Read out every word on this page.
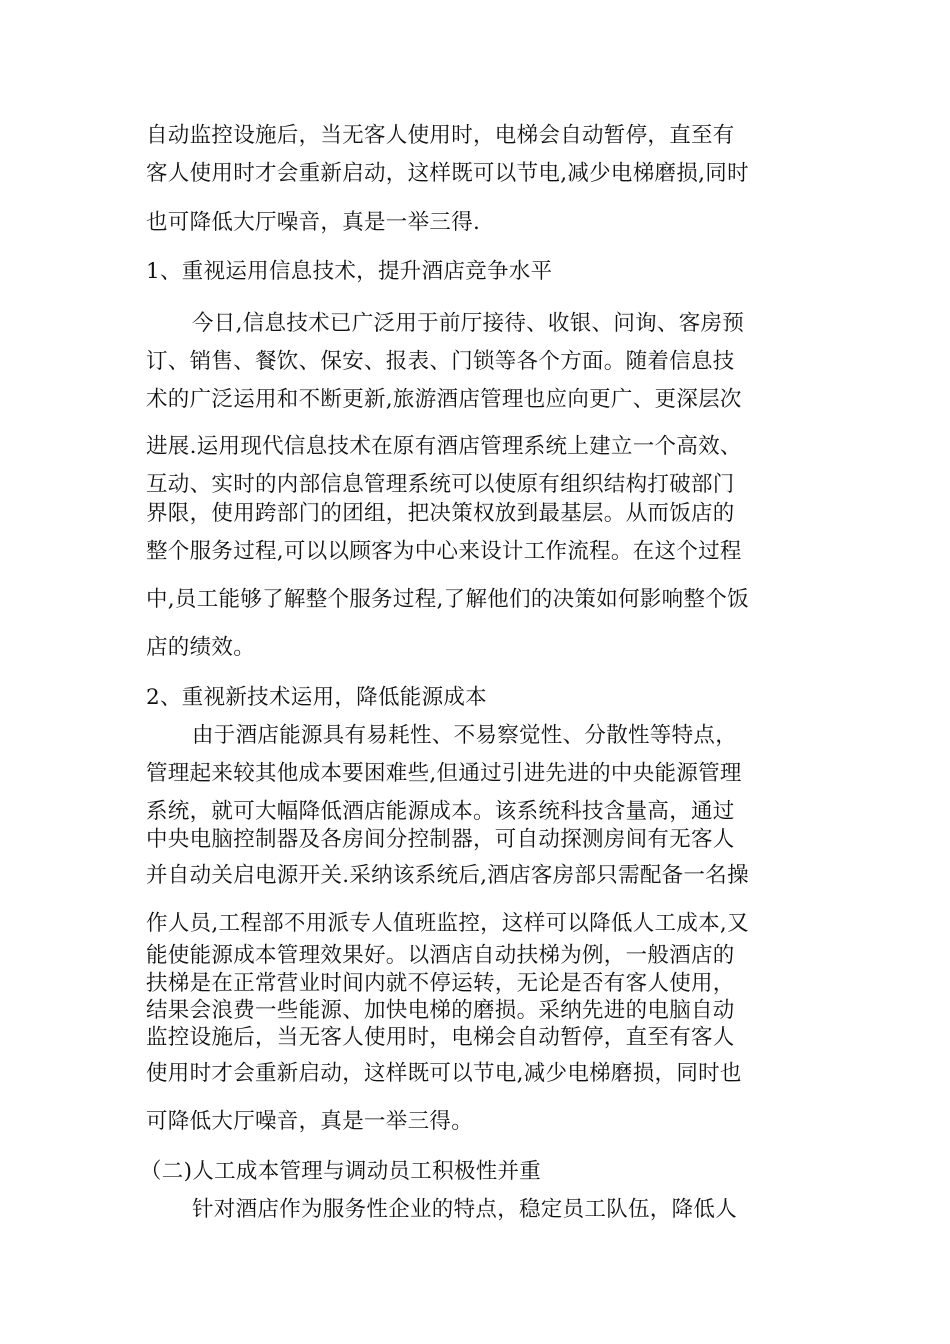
自动监控设施后，当无客人使用时，电梯会自动暂停，直至有

客人使用时才会重新启动，这样既可以节电,减少电梯磨损,同时

也可降低大厅噪音，真是一举三得.

1、重视运用信息技术，提升酒店竞争水平

今日,信息技术已广泛用于前厅接待、收银、问询、客房预

订、销售、餐饮、保安、报表、门锁等各个方面。随着信息技

术的广泛运用和不断更新,旅游酒店管理也应向更广、更深层次

进展.运用现代信息技术在原有酒店管理系统上建立一个高效、

互动、实时的内部信息管理系统可以使原有组织结构打破部门

界限，使用跨部门的团组，把决策权放到最基层。从而饭店的

整个服务过程,可以以顾客为中心来设计工作流程。在这个过程

中,员工能够了解整个服务过程,了解他们的决策如何影响整个饭

店的绩效。

2、重视新技术运用，降低能源成本

由于酒店能源具有易耗性、不易察觉性、分散性等特点，

管理起来较其他成本要困难些,但通过引进先进的中央能源管理

系统，就可大幅降低酒店能源成本。该系统科技含量高，通过

中央电脑控制器及各房间分控制器，可自动探测房间有无客人

并自动关启电源开关.采纳该系统后,酒店客房部只需配备一名操

作人员,工程部不用派专人值班监控，这样可以降低人工成本,又

能使能源成本管理效果好。以酒店自动扶梯为例，一般酒店的

扶梯是在正常营业时间内就不停运转，无论是否有客人使用，

结果会浪费一些能源、加快电梯的磨损。采纳先进的电脑自动

监控设施后，当无客人使用时，电梯会自动暂停，直至有客人

使用时才会重新启动，这样既可以节电,减少电梯磨损，同时也

可降低大厅噪音，真是一举三得。

（二)人工成本管理与调动员工积极性并重

针对酒店作为服务性企业的特点，稳定员工队伍，降低人
